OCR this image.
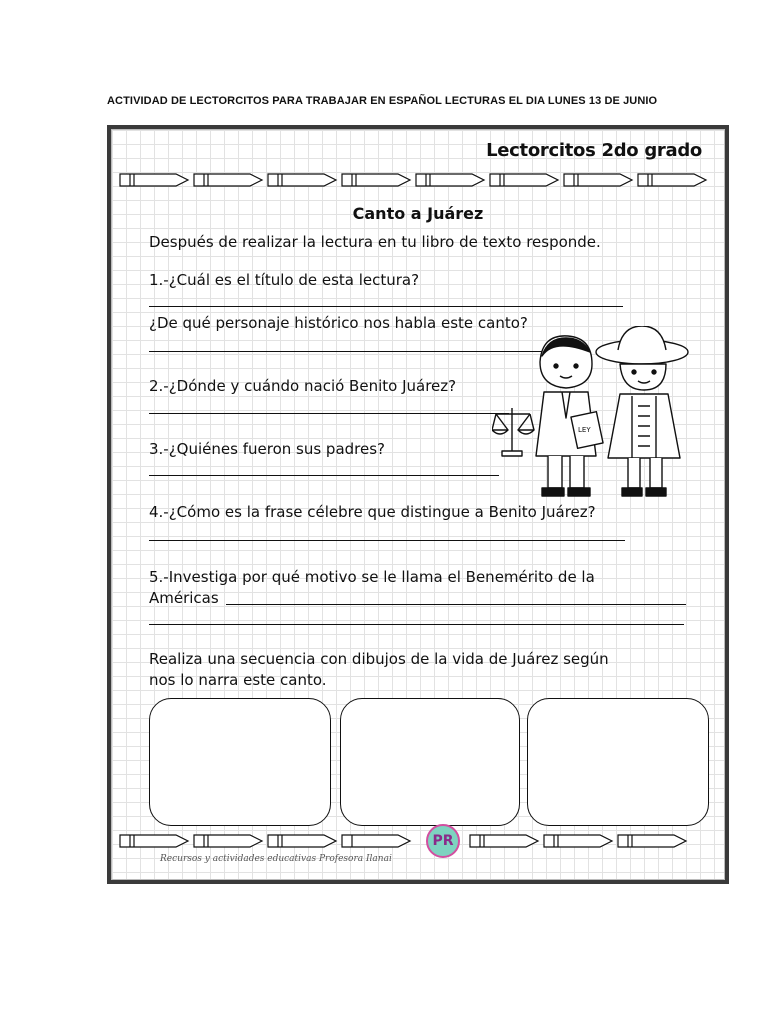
ACTIVIDAD DE LECTORCITOS PARA TRABAJAR EN ESPAÑOL LECTURAS EL DIA LUNES 13 DE JUNIO
Lectorcitos 2do grado
Canto a Juárez
Después de realizar la lectura en tu libro de texto responde.
1.-¿Cuál es el título de esta lectura?
¿De qué personaje histórico nos habla este canto?
2.-¿Dónde y cuándo nació Benito Juárez?
3.-¿Quiénes fueron sus padres?
4.-¿Cómo es la frase célebre que distingue a Benito Juárez?
5.-Investiga por qué motivo se le llama el Benemérito de la
Américas
Realiza una secuencia con dibujos de la vida de Juárez según
nos lo narra este canto.
LEY
PR
Recursos y actividades educativas Profesora Ilanai
